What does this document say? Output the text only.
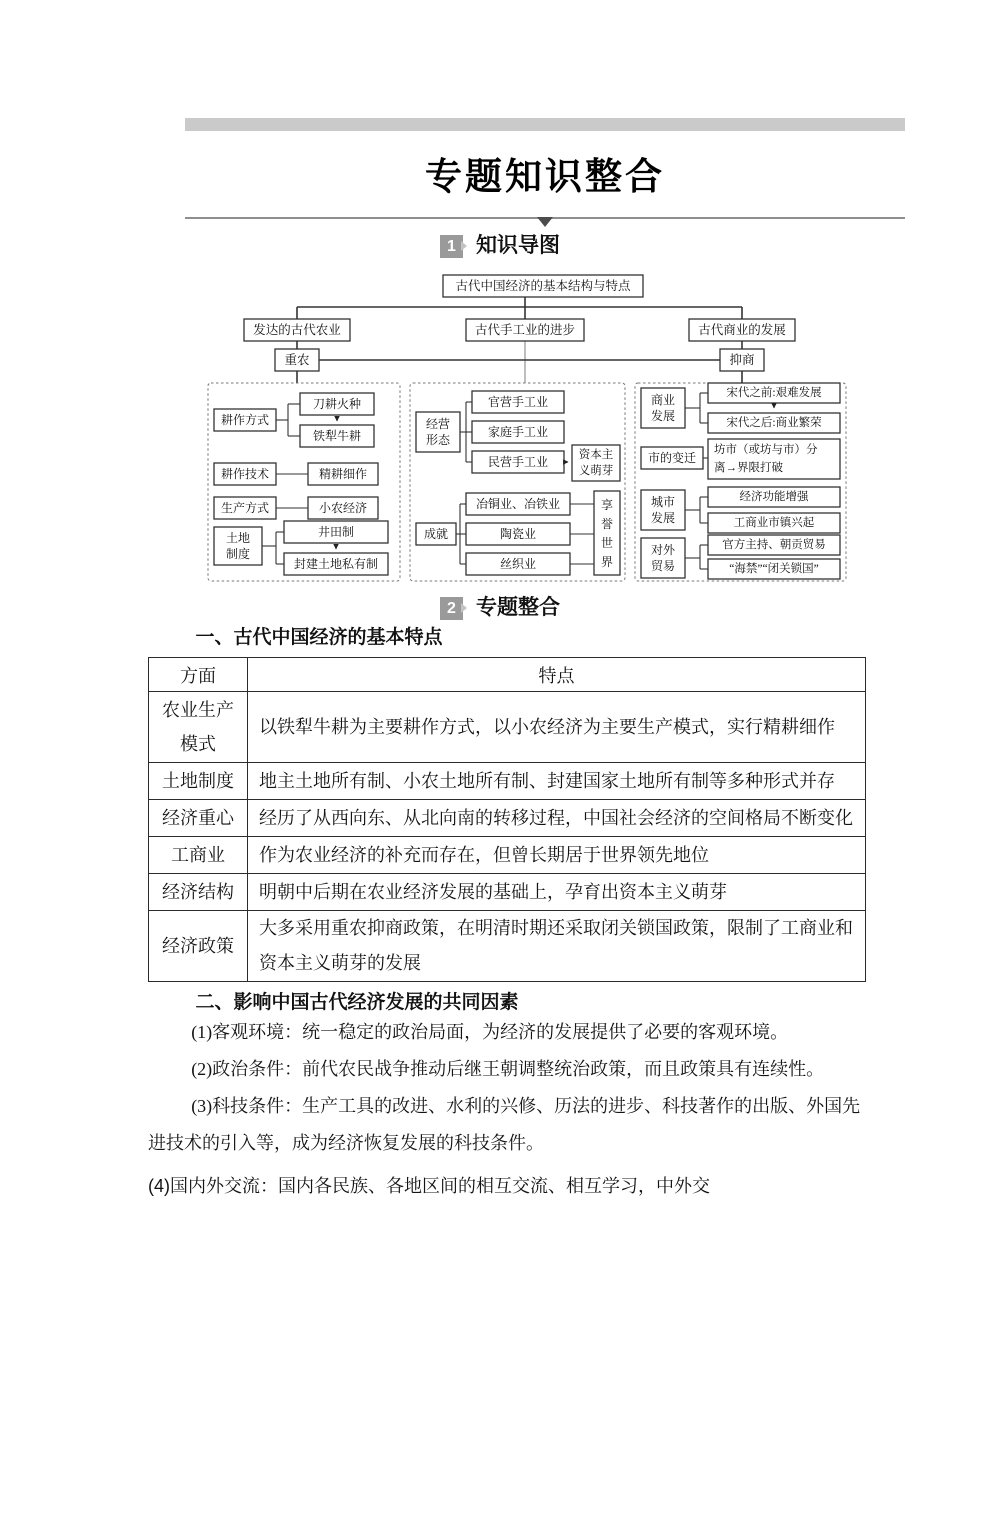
专题知识整合
1 知识导图
古代中国经济的基本结构与特点
发达的古代农业	古代手工业的进步	古代商业的发展
重农	抑商
耕作方式
刀耕火种
铁犁牛耕
耕作技术	精耕细作
生产方式	小农经济
土地
制度
井田制
封建土地私有制
经营
形态
官营手工业
家庭手工业
民营手工业	资本主
义萌芽
成就
冶铜业、冶铁业
陶瓷业
丝织业
享
誉
世
界
商业
发展
宋代之前:艰难发展
宋代之后:商业繁荣
市的变迁
坊市（或坊与市）分
离→界限打破
城市
发展
经济功能增强
工商业市镇兴起
对外
贸易
官方主持、朝贡贸易
“海禁”“闭关锁国”
2 专题整合
一、古代中国经济的基本特点
方面	特点

农业生产
模式	以铁犁牛耕为主要耕作方式，以小农经济为主要生产模式，实行精耕细作

土地制度	地主土地所有制、小农土地所有制、封建国家土地所有制等多种形式并存

经济重心	经历了从西向东、从北向南的转移过程，中国社会经济的空间格局不断变化

工商业	作为农业经济的补充而存在，但曾长期居于世界领先地位

经济结构	明朝中后期在农业经济发展的基础上，孕育出资本主义萌芽

经济政策	大多采用重农抑商政策，在明清时期还采取闭关锁国政策，限制了工商业和资本主义萌芽的发展
二、影响中国古代经济发展的共同因素

(1)客观环境：统一稳定的政治局面，为经济的发展提供了必要的客观环境。

(2)政治条件：前代农民战争推动后继王朝调整统治政策，而且政策具有连续性。

(3)科技条件：生产工具的改进、水利的兴修、历法的进步、科技著作的出版、外国先进技术的引入等，成为经济恢复发展的科技条件。

(4)国内外交流：国内各民族、各地区间的相互交流、相互学习，中外交
